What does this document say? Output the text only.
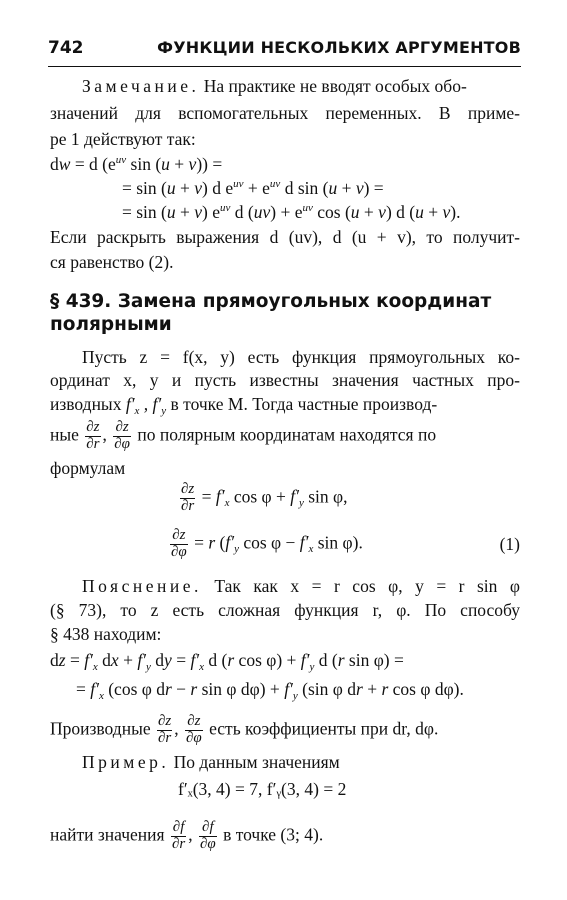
742	ФУНКЦИИ НЕСКОЛЬКИХ АРГУМЕНТОВ
Замечание. На практике не вводят особых обо-
значений для вспомогательных переменных. В приме-
ре 1 действуют так:
dw = d ($e^{uv}$ sin (u + v)) =
= sin (u + v) d $e^{uv} + e^{uv}$ d sin (u + v) =
= sin (u + v) $e^{uv}$ d $(uv) + e^{uv}$ cos (u + v) d (u + v).
Если раскрыть выражения d (uv), d (u + v), то получит-
ся равенство (2).
§ 439. Замена прямоугольных координат
полярными
Пусть z = f(x, y) есть функция прямоугольных ко-
ординат x, y и пусть известны значения частных про-
изводных $f'_x$ , $f'_y$ в точке M. Тогда частные производ-
ные $\frac{\partial z}{\partial r}$ , $\frac{\partial z}{\partial\varphi}$ по полярным координатам находятся по
формулам
$\frac{\partial z}{\partial r} = f'_x$ $\cos \varphi + f'_y$ sin φ,
$\frac{\partial z}{\partial\varphi} = r$ ($f'_y$ $\cos \varphi - f'_x$ sin φ).	(1)
Пояснение. Так как x = r cos φ, y = r sin φ
(§ 73), то z есть сложная функция r, φ. По способу
§ 438 находим:
dz = $f'_x$ dx + $f'_y$ dy = $f'_x$ d (r $\cos \varphi) + f'_y$ d (r sin φ) =
= $f'_x$ (cos φ dr − r sin φ $d\varphi) + f'_y$ (sin φ dr + r cos φ dφ).
Производные $\frac{\partial z}{\partial r}$ , $\frac{\partial z}{\partial\varphi}$ есть коэффициенты при dr, dφ.
Пример. По данным значениям
f′ₓ(3, 4) = 7, f′ᵧ(3, 4) = 2
найти значения $\frac{\partial f}{\partial r}$ , $\frac{\partial f}{\partial\varphi}$ в точке (3; 4).
